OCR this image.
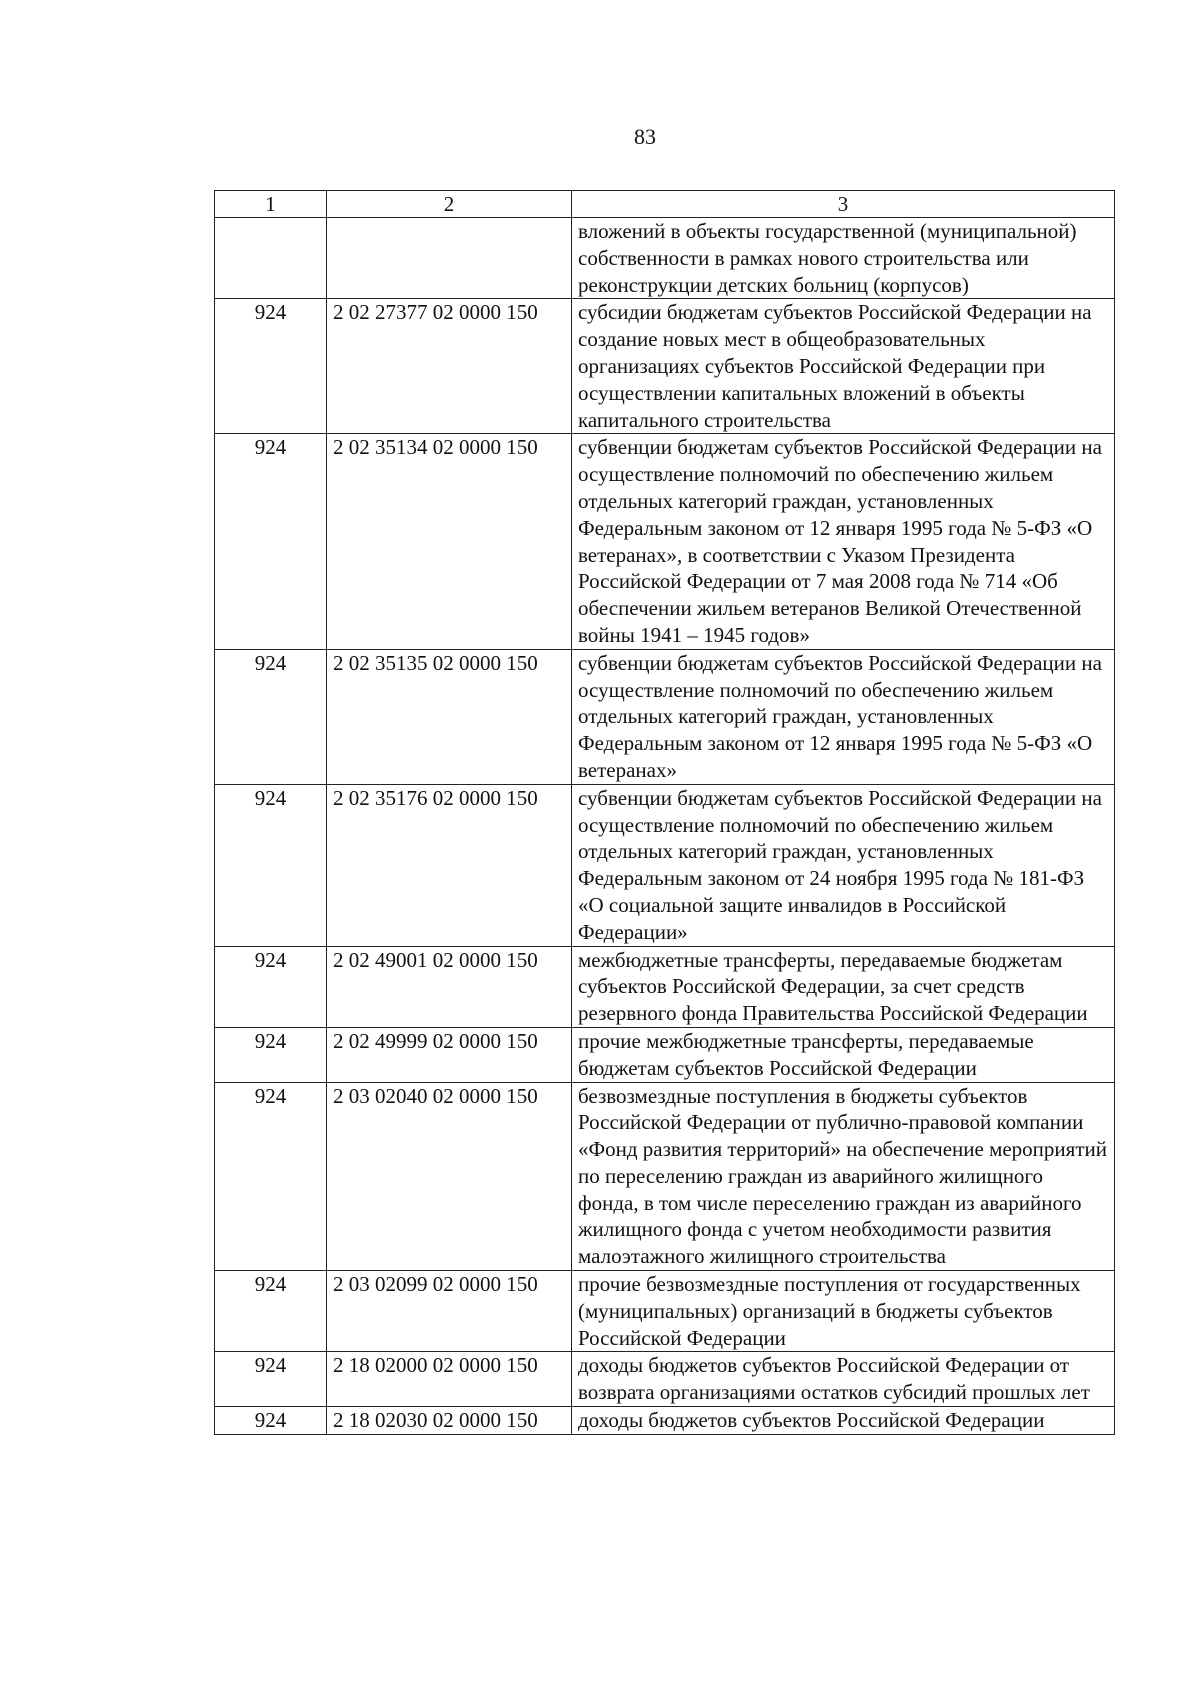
83
1	2	3
		вложений в объекты государственной (муниципальной) собственности в рамках нового строительства или реконструкции детских больниц (корпусов)
924	2 02 27377 02 0000 150	субсидии бюджетам субъектов Российской Федерации на создание новых мест в общеобразовательных организациях субъектов Российской Федерации при осуществлении капитальных вложений в объекты капитального строительства
924	2 02 35134 02 0000 150	субвенции бюджетам субъектов Российской Федерации на осуществление полномочий по обеспечению жильем отдельных категорий граждан, установленных Федеральным законом от 12 января 1995 года № 5-ФЗ «О ветеранах», в соответствии с Указом Президента Российской Федерации от 7 мая 2008 года № 714 «Об обеспечении жильем ветеранов Великой Отечественной войны 1941 – 1945 годов»
924	2 02 35135 02 0000 150	субвенции бюджетам субъектов Российской Федерации на осуществление полномочий по обеспечению жильем отдельных категорий граждан, установленных Федеральным законом от 12 января 1995 года № 5-ФЗ «О ветеранах»
924	2 02 35176 02 0000 150	субвенции бюджетам субъектов Российской Федерации на осуществление полномочий по обеспечению жильем отдельных категорий граждан, установленных Федеральным законом от 24 ноября 1995 года № 181-ФЗ «О социальной защите инвалидов в Российской Федерации»
924	2 02 49001 02 0000 150	межбюджетные трансферты, передаваемые бюджетам субъектов Российской Федерации, за счет средств резервного фонда Правительства Российской Федерации
924	2 02 49999 02 0000 150	прочие межбюджетные трансферты, передаваемые бюджетам субъектов Российской Федерации
924	2 03 02040 02 0000 150	безвозмездные поступления в бюджеты субъектов Российской Федерации от публично-правовой компании «Фонд развития территорий» на обеспечение мероприятий по переселению граждан из аварийного жилищного фонда, в том числе переселению граждан из аварийного жилищного фонда с учетом необходимости развития малоэтажного жилищного строительства
924	2 03 02099 02 0000 150	прочие безвозмездные поступления от государственных (муниципальных) организаций в бюджеты субъектов Российской Федерации
924	2 18 02000 02 0000 150	доходы бюджетов субъектов Российской Федерации от возврата организациями остатков субсидий прошлых лет
924	2 18 02030 02 0000 150	доходы бюджетов субъектов Российской Федерации
